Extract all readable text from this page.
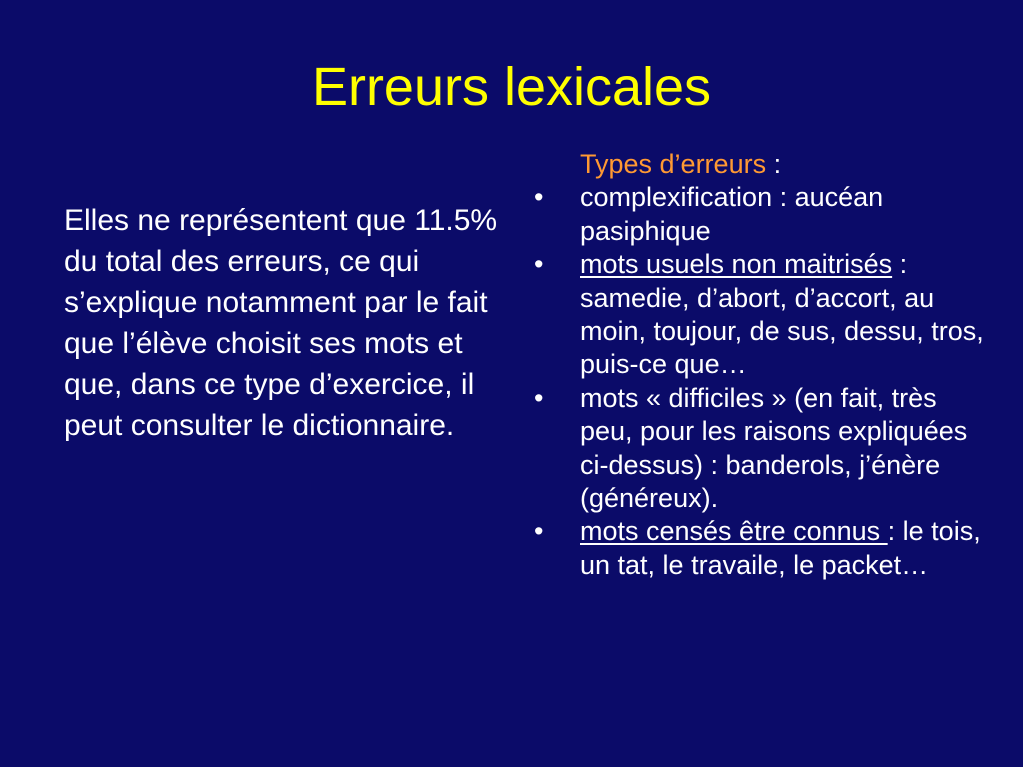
Erreurs lexicales

Elles ne représentent que 11.5% du total des erreurs, ce qui s’explique notamment par le fait que l’élève choisit ses mots et que, dans ce type d’exercice, il peut consulter le dictionnaire.

Types d’erreurs :

•	complexification : aucéan pasiphique
•	mots usuels non maitrisés : samedie, d’abort, d’accort, au moin, toujour, de sus, dessu, tros, puis-ce que…
•	mots « difficiles » (en fait, très peu, pour les raisons expliquées ci-dessus) : banderols, j’énère (généreux).
•	mots censés être connus : le tois, un tat, le travaile, le packet…
